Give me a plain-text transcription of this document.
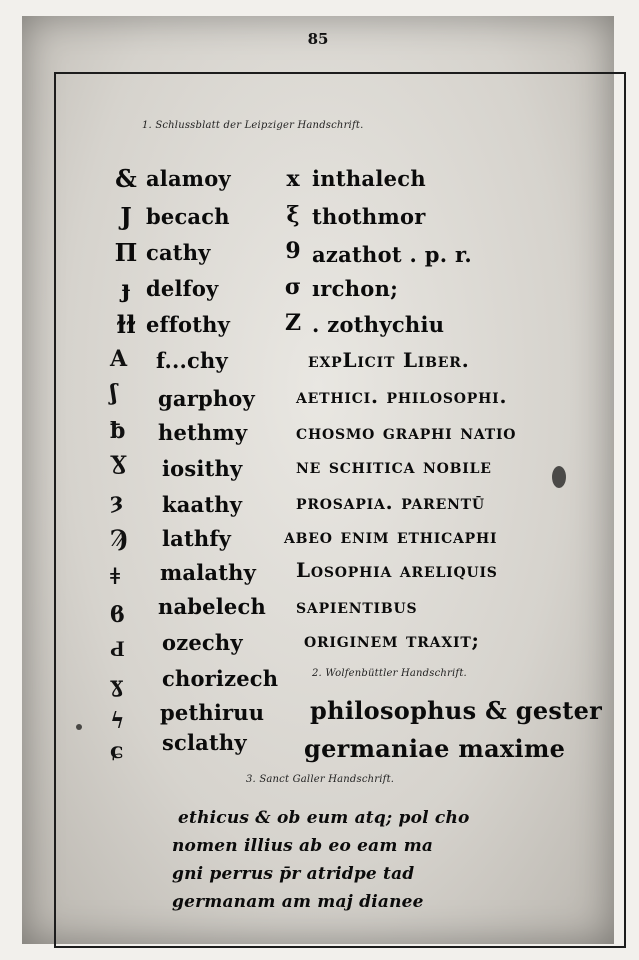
85
1. Schlussblatt der Leipziger Handschrift.
& alamoy
J becach
Π cathy
ɟ delfoy
ɫɫ effothy
f...chy
garphoy
hethmy
iosithy
kaathy
lathfy
malathy
nabelech
ozechy
chorizech
pethiruu
sclathy
x inthalech
ξ thothmor
9 azathot . p. r.
σ ırchon;
Z . zothychiu
expLicit Liber.
aethici. philosophi.
chosmo graphi natio
ne schitica nobile
prosapia. parentū
abeo enim ethicaphi
Losophia areliquis
sapientibus
originem traxit;
2. Wolfenbüttler Handschrift.
philosophus & gester
germaniae maxime
3. Sanct Galler Handschrift.
ethicus & ob eum atq; pol cho
nomen illius ab eo eam ma
gni perrus p̄r atridpe tad
germanam am maj dianee
A
ʃ
ƀ
Ɣ
ȝ
Ϡ
ǂ
ϐ
Ԁ
ɣ
ϟ
ɕ
